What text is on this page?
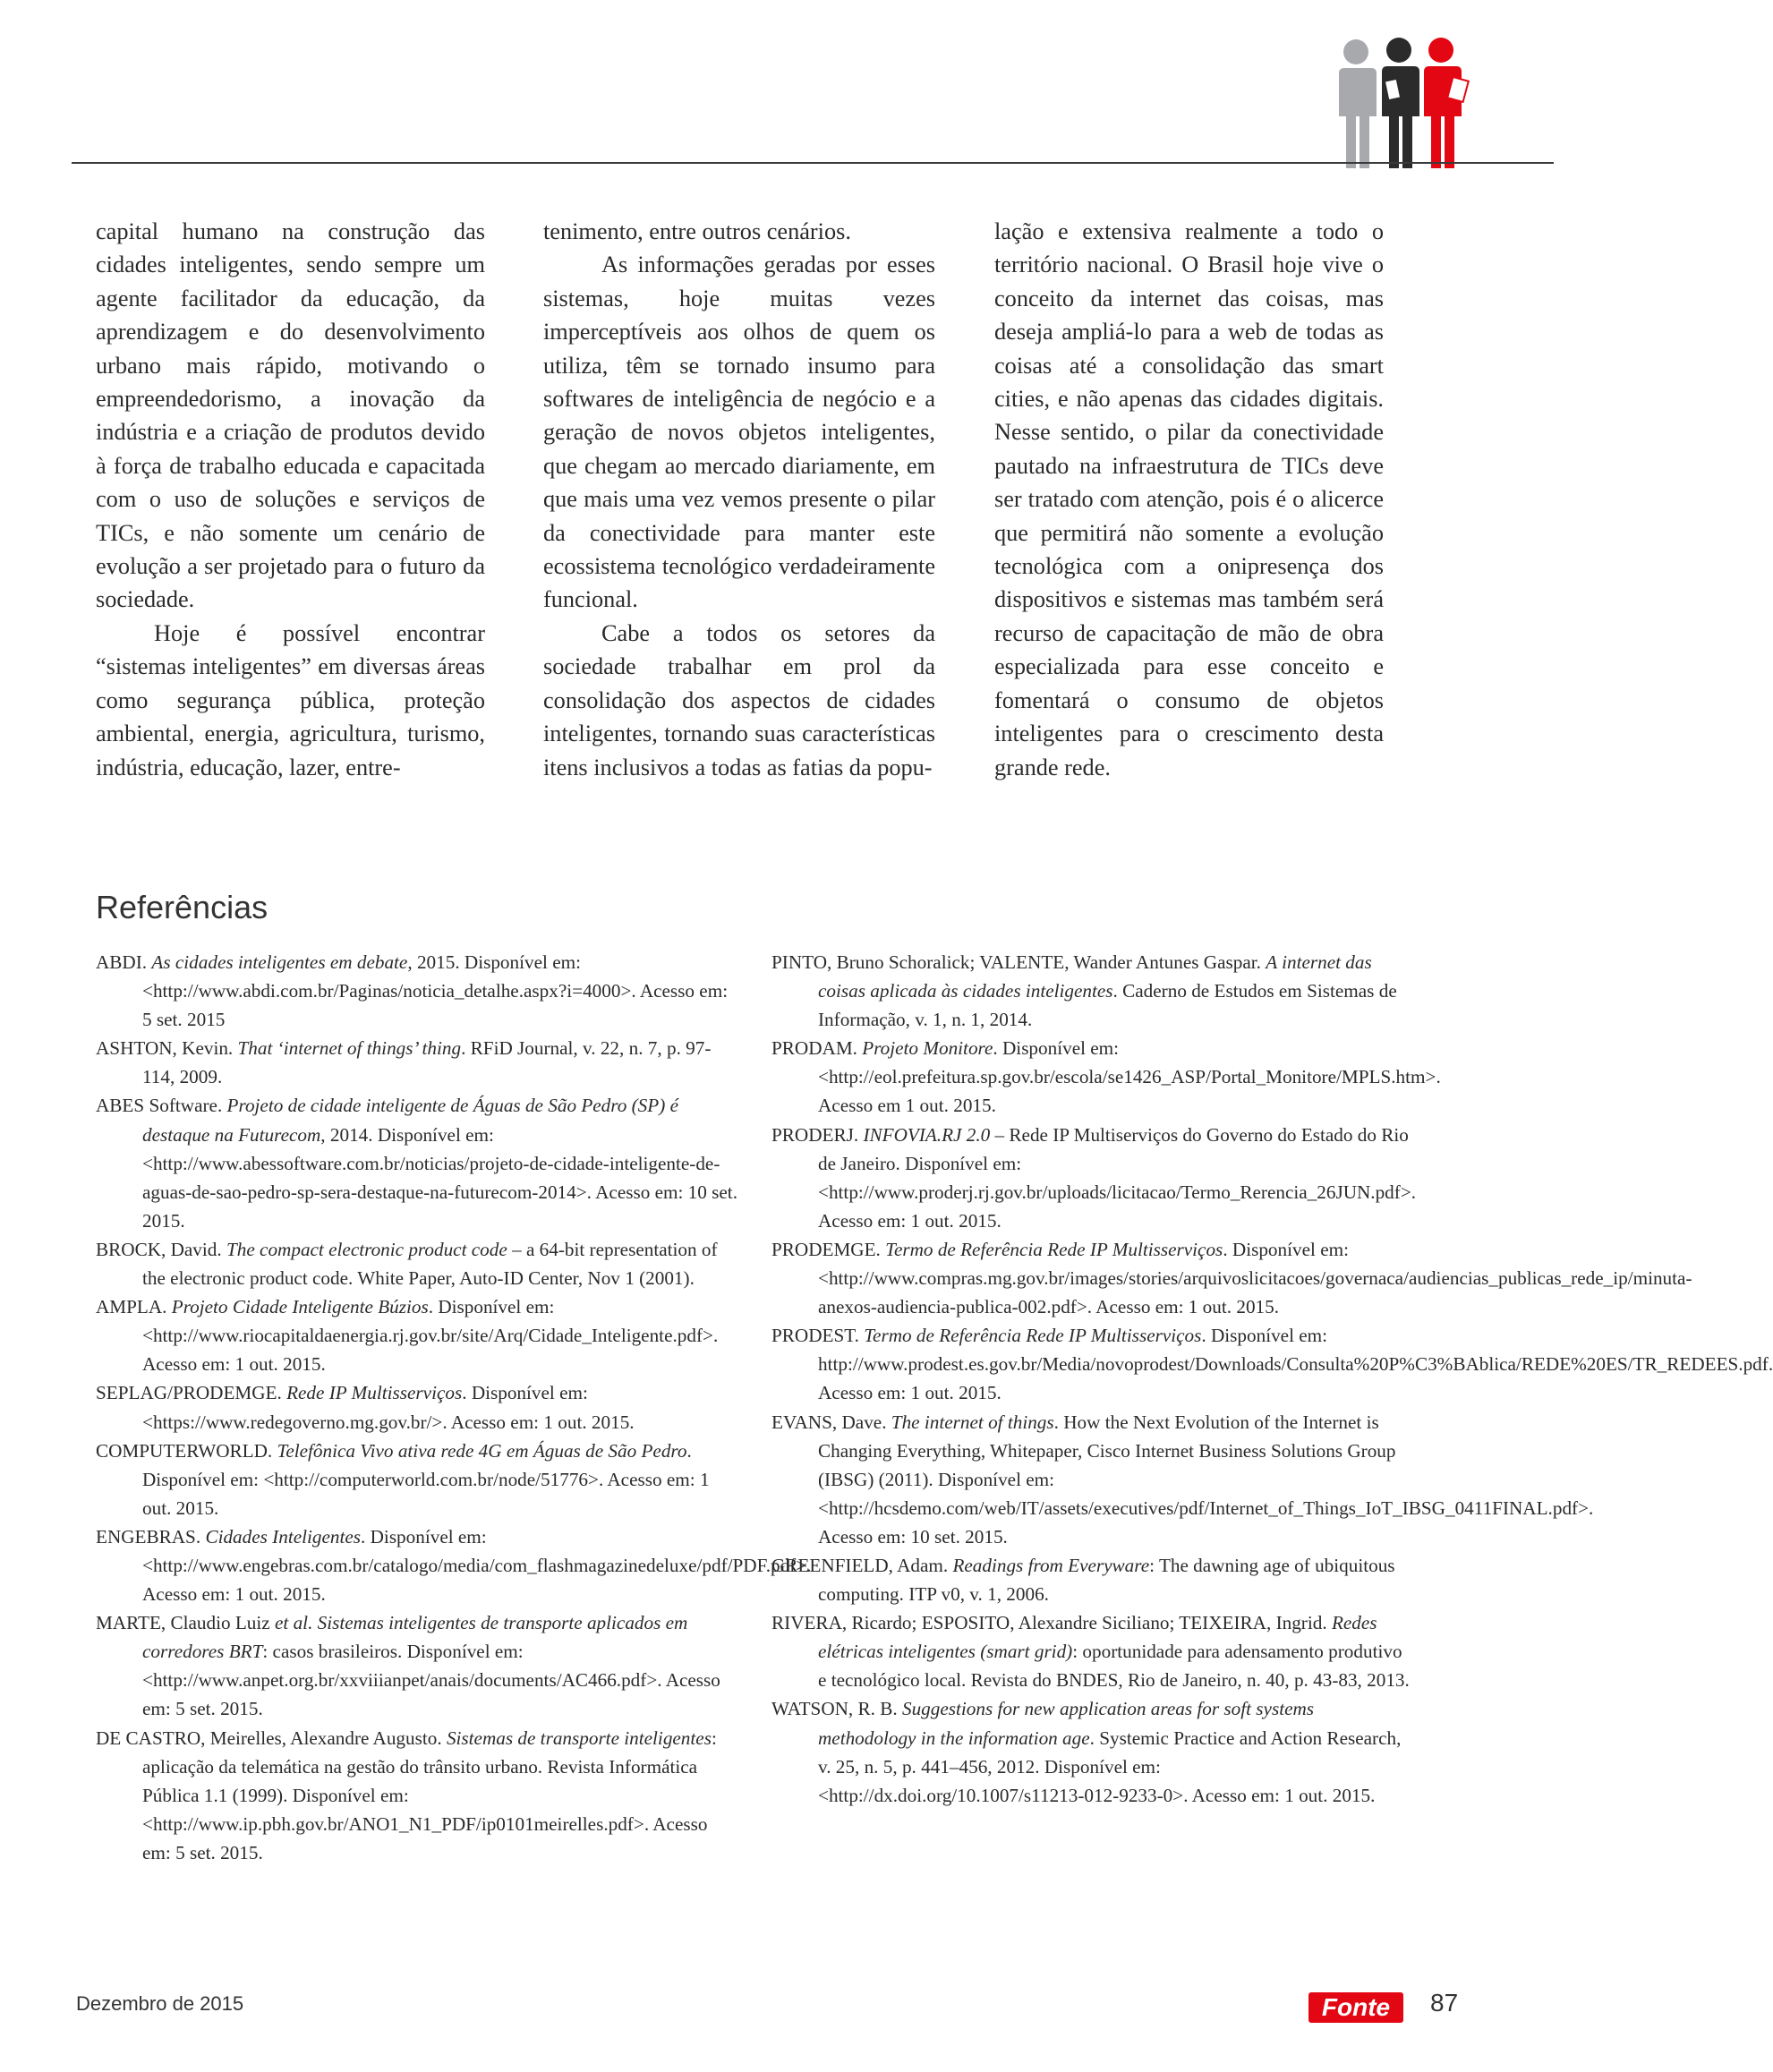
capital humano na construção das cidades inteligentes, sendo sempre um agente facilitador da educação, da aprendizagem e do desenvolvimento urbano mais rápido, motivando o empreendedorismo, a inovação da indústria e a criação de produtos devido à força de trabalho educada e capacitada com o uso de soluções e serviços de TICs, e não somente um cenário de evolução a ser projetado para o futuro da sociedade.

Hoje é possível encontrar “sistemas inteligentes” em diversas áreas como segurança pública, proteção ambiental, energia, agricultura, turismo, indústria, educação, lazer, entre-

tenimento, entre outros cenários.

As informações geradas por esses sistemas, hoje muitas vezes imperceptíveis aos olhos de quem os utiliza, têm se tornado insumo para softwares de inteligência de negócio e a geração de novos objetos inteligentes, que chegam ao mercado diariamente, em que mais uma vez vemos presente o pilar da conectividade para manter este ecossistema tecnológico verdadeiramente funcional.

Cabe a todos os setores da sociedade trabalhar em prol da consolidação dos aspectos de cidades inteligentes, tornando suas características itens inclusivos a todas as fatias da popu-

lação e extensiva realmente a todo o território nacional. O Brasil hoje vive o conceito da internet das coisas, mas deseja ampliá-lo para a web de todas as coisas até a consolidação das smart cities, e não apenas das cidades digitais. Nesse sentido, o pilar da conectividade pautado na infraestrutura de TICs deve ser tratado com atenção, pois é o alicerce que permitirá não somente a evolução tecnológica com a onipresença dos dispositivos e sistemas mas também será recurso de capacitação de mão de obra especializada para esse conceito e fomentará o consumo de objetos inteligentes para o crescimento desta grande rede.

Referências

ABDI. As cidades inteligentes em debate, 2015. Disponível em: <http://www.abdi.com.br/Paginas/noticia_detalhe.aspx?i=4000>. Acesso em: 5 set. 2015

ASHTON, Kevin. That ‘internet of things’ thing. RFiD Journal, v. 22, n. 7, p. 97-114, 2009.

ABES Software. Projeto de cidade inteligente de Águas de São Pedro (SP) é destaque na Futurecom, 2014. Disponível em: <http://www.abessoftware.com.br/noticias/projeto-de-cidade-inteligente-de-aguas-de-sao-pedro-sp-sera-destaque-na-futurecom-2014>. Acesso em: 10 set. 2015.

BROCK, David. The compact electronic product code – a 64-bit representation of the electronic product code. White Paper, Auto-ID Center, Nov 1 (2001).

AMPLA. Projeto Cidade Inteligente Búzios. Disponível em: <http://www.riocapitaldaenergia.rj.gov.br/site/Arq/Cidade_Inteligente.pdf>. Acesso em: 1 out. 2015.

SEPLAG/PRODEMGE. Rede IP Multisserviços. Disponível em: <https://www.redegoverno.mg.gov.br/>. Acesso em: 1 out. 2015.

COMPUTERWORLD. Telefônica Vivo ativa rede 4G em Águas de São Pedro. Disponível em: <http://computerworld.com.br/node/51776>. Acesso em: 1 out. 2015.

ENGEBRAS. Cidades Inteligentes. Disponível em: <http://www.engebras.com.br/catalogo/media/com_flashmagazinedeluxe/pdf/PDF.pdf>. Acesso em: 1 out. 2015.

MARTE, Claudio Luiz et al. Sistemas inteligentes de transporte aplicados em corredores BRT: casos brasileiros. Disponível em: <http://www.anpet.org.br/xxviiianpet/anais/documents/AC466.pdf>. Acesso em: 5 set. 2015.

DE CASTRO, Meirelles, Alexandre Augusto. Sistemas de transporte inteligentes: aplicação da telemática na gestão do trânsito urbano. Revista Informática Pública 1.1 (1999). Disponível em: <http://www.ip.pbh.gov.br/ANO1_N1_PDF/ip0101meirelles.pdf>. Acesso em: 5 set. 2015.

PINTO, Bruno Schoralick; VALENTE, Wander Antunes Gaspar. A internet das coisas aplicada às cidades inteligentes. Caderno de Estudos em Sistemas de Informação, v. 1, n. 1, 2014.

PRODAM. Projeto Monitore. Disponível em: <http://eol.prefeitura.sp.gov.br/escola/se1426_ASP/Portal_Monitore/MPLS.htm>. Acesso em 1 out. 2015.

PRODERJ. INFOVIA.RJ 2.0 – Rede IP Multiserviços do Governo do Estado do Rio de Janeiro. Disponível em: <http://www.proderj.rj.gov.br/uploads/licitacao/Termo_Rerencia_26JUN.pdf>. Acesso em: 1 out. 2015.

PRODEMGE. Termo de Referência Rede IP Multisserviços. Disponível em: <http://www.compras.mg.gov.br/images/stories/arquivoslicitacoes/governaca/audiencias_publicas_rede_ip/minuta-anexos-audiencia-publica-002.pdf>. Acesso em: 1 out. 2015.

PRODEST. Termo de Referência Rede IP Multisserviços. Disponível em: http://www.prodest.es.gov.br/Media/novoprodest/Downloads/Consulta%20P%C3%BAblica/REDE%20ES/TR_REDEES.pdf. Acesso em: 1 out. 2015.

EVANS, Dave. The internet of things. How the Next Evolution of the Internet is Changing Everything, Whitepaper, Cisco Internet Business Solutions Group (IBSG) (2011). Disponível em: <http://hcsdemo.com/web/IT/assets/executives/pdf/Internet_of_Things_IoT_IBSG_0411FINAL.pdf>. Acesso em: 10 set. 2015.

GREENFIELD, Adam. Readings from Everyware: The dawning age of ubiquitous computing. ITP v0, v. 1, 2006.

RIVERA, Ricardo; ESPOSITO, Alexandre Siciliano; TEIXEIRA, Ingrid. Redes elétricas inteligentes (smart grid): oportunidade para adensamento produtivo e tecnológico local. Revista do BNDES, Rio de Janeiro, n. 40, p. 43-83, 2013.

WATSON, R. B. Suggestions for new application areas for soft systems methodology in the information age. Systemic Practice and Action Research, v. 25, n. 5, p. 441–456, 2012. Disponível em: <http://dx.doi.org/10.1007/s11213-012-9233-0>. Acesso em: 1 out. 2015.

Dezembro de 2015	Fonte	87
